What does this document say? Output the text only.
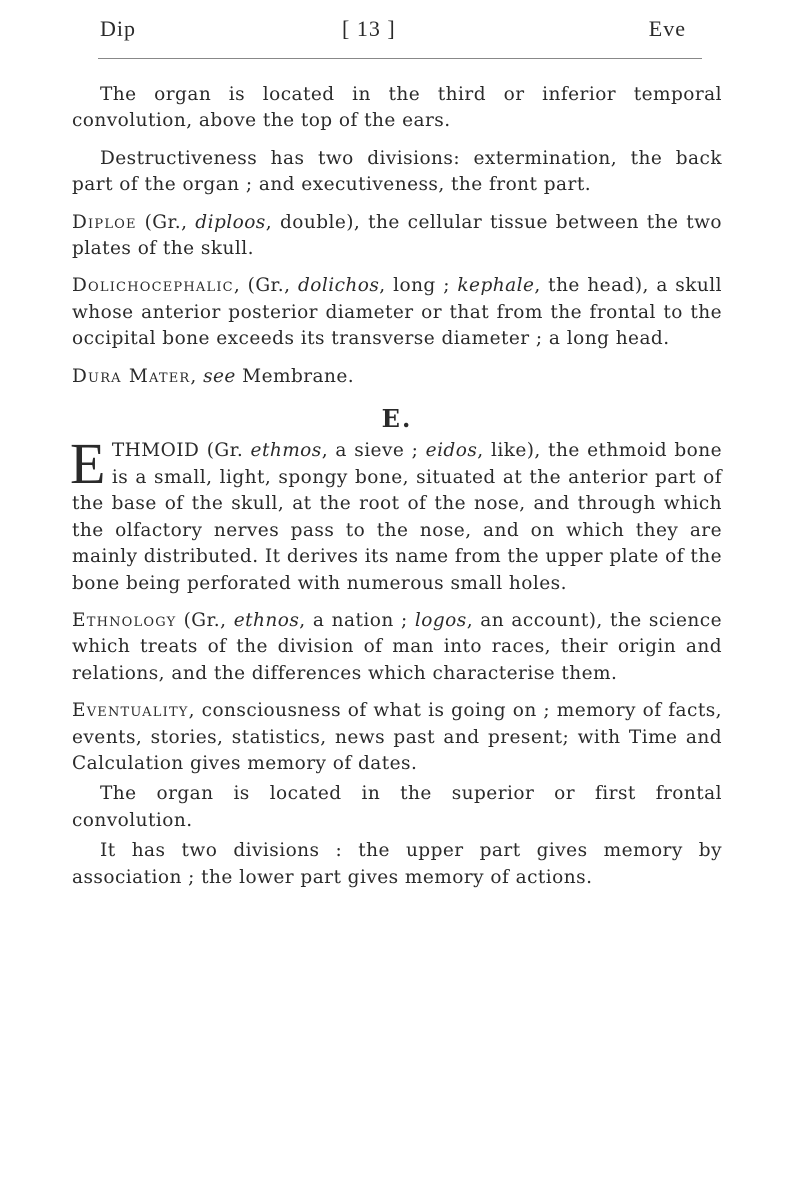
Dip	[ 13 ]	Eve

The organ is located in the third or inferior temporal convolution, above the top of the ears.

Destructiveness has two divisions: extermination, the back part of the organ ; and executiveness, the front part.

Diploe (Gr., diploos, double), the cellular tissue between the two plates of the skull.

Dolichocephalic, (Gr., dolichos, long ; kephale, the head), a skull whose anterior posterior diameter or that from the frontal to the occipital bone exceeds its transverse diameter ; a long head.

Dura Mater, see Membrane.

E.

ETHMOID (Gr. ethmos, a sieve ; eidos, like), the ethmoid bone is a small, light, spongy bone, situated at the anterior part of the base of the skull, at the root of the nose, and through which the olfactory nerves pass to the nose, and on which they are mainly distributed. It derives its name from the upper plate of the bone being perforated with numerous small holes.

Ethnology (Gr., ethnos, a nation ; logos, an account), the science which treats of the division of man into races, their origin and relations, and the differences which characterise them.

Eventuality, consciousness of what is going on ; memory of facts, events, stories, statistics, news past and present; with Time and Calculation gives memory of dates.

The organ is located in the superior or first frontal convolution.

It has two divisions : the upper part gives memory by association ; the lower part gives memory of actions.
